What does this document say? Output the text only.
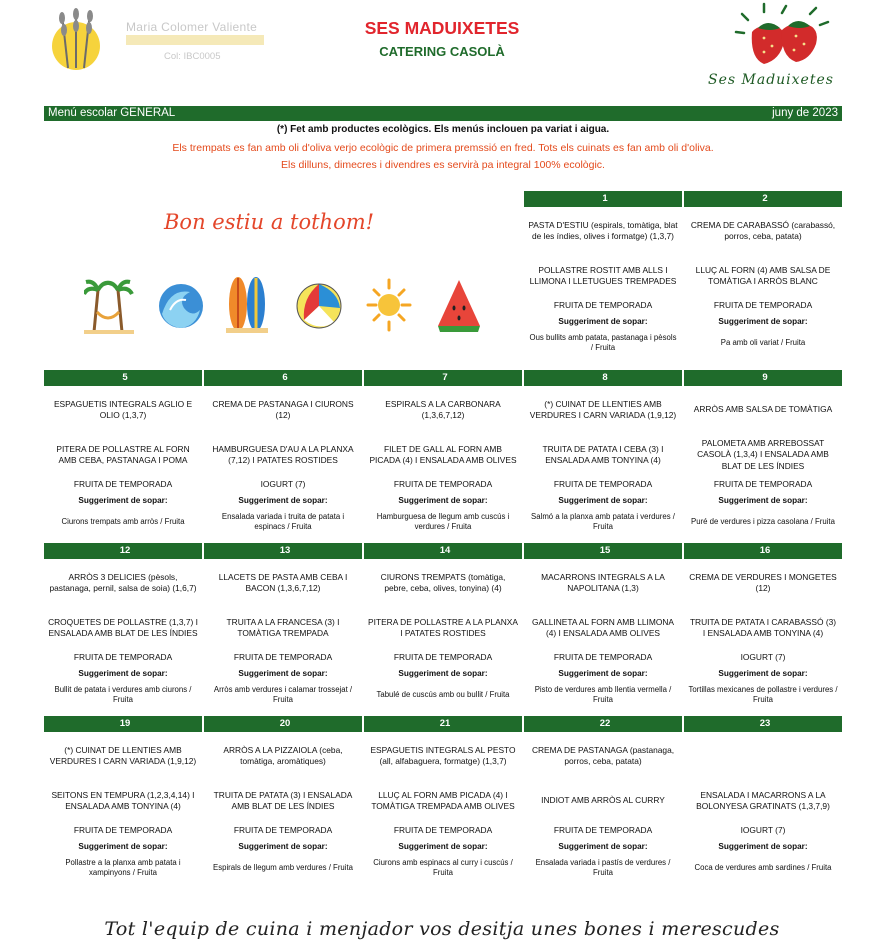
Maria Colomer Valiente
Col: IBC0005
SES MADUIXETES
CATERING CASOLÀ
Ses Maduixetes
Menú escolar GENERAL	juny de 2023
(*) Fet amb productes ecològics. Els menús inclouen pa variat i aigua.
Els trempats es fan amb oli d'oliva verjo ecològic de primera premssió en fred. Tots els cuinats es fan amb oli d'oliva.
Els dilluns, dimecres i divendres es servirà pa integral 100% ecològic.
Bon estiu a tothom!
1
PASTA D'ESTIU (espirals, tomàtiga, blat de les índies, olives i formatge) (1,3,7)
POLLASTRE ROSTIT AMB ALLS I LLIMONA I LLETUGUES TREMPADES
FRUITA DE TEMPORADA
Suggeriment de sopar:
Ous bullits amb patata, pastanaga i pèsols / Fruita
2
CREMA DE CARABASSÓ (carabassó, porros, ceba, patata)
LLUÇ AL FORN (4) AMB SALSA DE TOMÀTIGA I ARRÒS BLANC
FRUITA DE TEMPORADA
Suggeriment de sopar:
Pa amb oli variat / Fruita
5
ESPAGUETIS INTEGRALS AGLIO E OLIO (1,3,7)
PITERA DE POLLASTRE AL FORN AMB CEBA, PASTANAGA I POMA
FRUITA DE TEMPORADA
Suggeriment de sopar:
Ciurons trempats amb arròs / Fruita
6
CREMA DE PASTANAGA I CIURONS (12)
HAMBURGUESA D'AU A LA PLANXA (7,12) I PATATES ROSTIDES
IOGURT (7)
Suggeriment de sopar:
Ensalada variada i truita de patata i espinacs / Fruita
7
ESPIRALS A LA CARBONARA (1,3,6,7,12)
FILET DE GALL AL FORN AMB PICADA (4) I ENSALADA AMB OLIVES
FRUITA DE TEMPORADA
Suggeriment de sopar:
Hamburguesa de llegum amb cuscús i verdures / Fruita
8
(*) CUINAT DE LLENTIES AMB VERDURES I CARN VARIADA (1,9,12)
TRUITA DE PATATA I CEBA (3) I ENSALADA AMB TONYINA (4)
FRUITA DE TEMPORADA
Suggeriment de sopar:
Salmó a la planxa amb patata i verdures / Fruita
9
ARRÒS AMB SALSA DE TOMÀTIGA
PALOMETA AMB ARREBOSSAT CASOLÀ (1,3,4) I ENSALADA AMB BLAT DE LES ÍNDIES
FRUITA DE TEMPORADA
Suggeriment de sopar:
Puré de verdures i pizza casolana / Fruita
12
ARRÒS 3 DELICIES (pèsols, pastanaga, pernil, salsa de soia) (1,6,7)
CROQUETES DE POLLASTRE (1,3,7) I ENSALADA AMB BLAT DE LES ÍNDIES
FRUITA DE TEMPORADA
Suggeriment de sopar:
Bullit de patata i verdures amb ciurons / Fruita
13
LLACETS DE PASTA AMB CEBA I BACON (1,3,6,7,12)
TRUITA A LA FRANCESA (3) I TOMÀTIGA TREMPADA
FRUITA DE TEMPORADA
Suggeriment de sopar:
Arròs amb verdures i calamar trossejat / Fruita
14
CIURONS TREMPATS (tomàtiga, pebre, ceba, olives, tonyina) (4)
PITERA DE POLLASTRE A LA PLANXA I PATATES ROSTIDES
FRUITA DE TEMPORADA
Suggeriment de sopar:
Tabulé de cuscús amb ou bullit / Fruita
15
MACARRONS INTEGRALS A LA NAPOLITANA (1,3)
GALLINETA AL FORN AMB LLIMONA (4) I ENSALADA AMB OLIVES
FRUITA DE TEMPORADA
Suggeriment de sopar:
Pisto de verdures amb llentia vermella / Fruita
16
CREMA DE VERDURES I MONGETES (12)
TRUITA DE PATATA I CARABASSÓ (3) I ENSALADA AMB TONYINA (4)
IOGURT (7)
Suggeriment de sopar:
Tortillas mexicanes de pollastre i verdures / Fruita
19
(*) CUINAT DE LLENTIES AMB VERDURES I CARN VARIADA (1,9,12)
SEITONS EN TEMPURA (1,2,3,4,14) I ENSALADA AMB TONYINA (4)
FRUITA DE TEMPORADA
Suggeriment de sopar:
Pollastre a la planxa amb patata i xampinyons / Fruita
20
ARRÒS A LA PIZZAIOLA (ceba, tomàtiga, aromàtiques)
TRUITA DE PATATA (3) I ENSALADA AMB BLAT DE LES ÍNDIES
FRUITA DE TEMPORADA
Suggeriment de sopar:
Espirals de llegum amb verdures / Fruita
21
ESPAGUETIS INTEGRALS AL PESTO (all, alfabaguera, formatge) (1,3,7)
LLUÇ AL FORN AMB PICADA (4) I TOMÀTIGA TREMPADA AMB OLIVES
FRUITA DE TEMPORADA
Suggeriment de sopar:
Ciurons amb espinacs al curry i cuscús / Fruita
22
CREMA DE PASTANAGA (pastanaga, porros, ceba, patata)
INDIOT AMB ARRÒS AL CURRY
FRUITA DE TEMPORADA
Suggeriment de sopar:
Ensalada variada i pastís de verdures / Fruita
23
ENSALADA I MACARRONS A LA BOLONYESA GRATINATS (1,3,7,9)
IOGURT (7)
Suggeriment de sopar:
Coca de verdures amb sardines / Fruita
Tot l'equip de cuina i menjador vos desitja unes bones i merescudes
